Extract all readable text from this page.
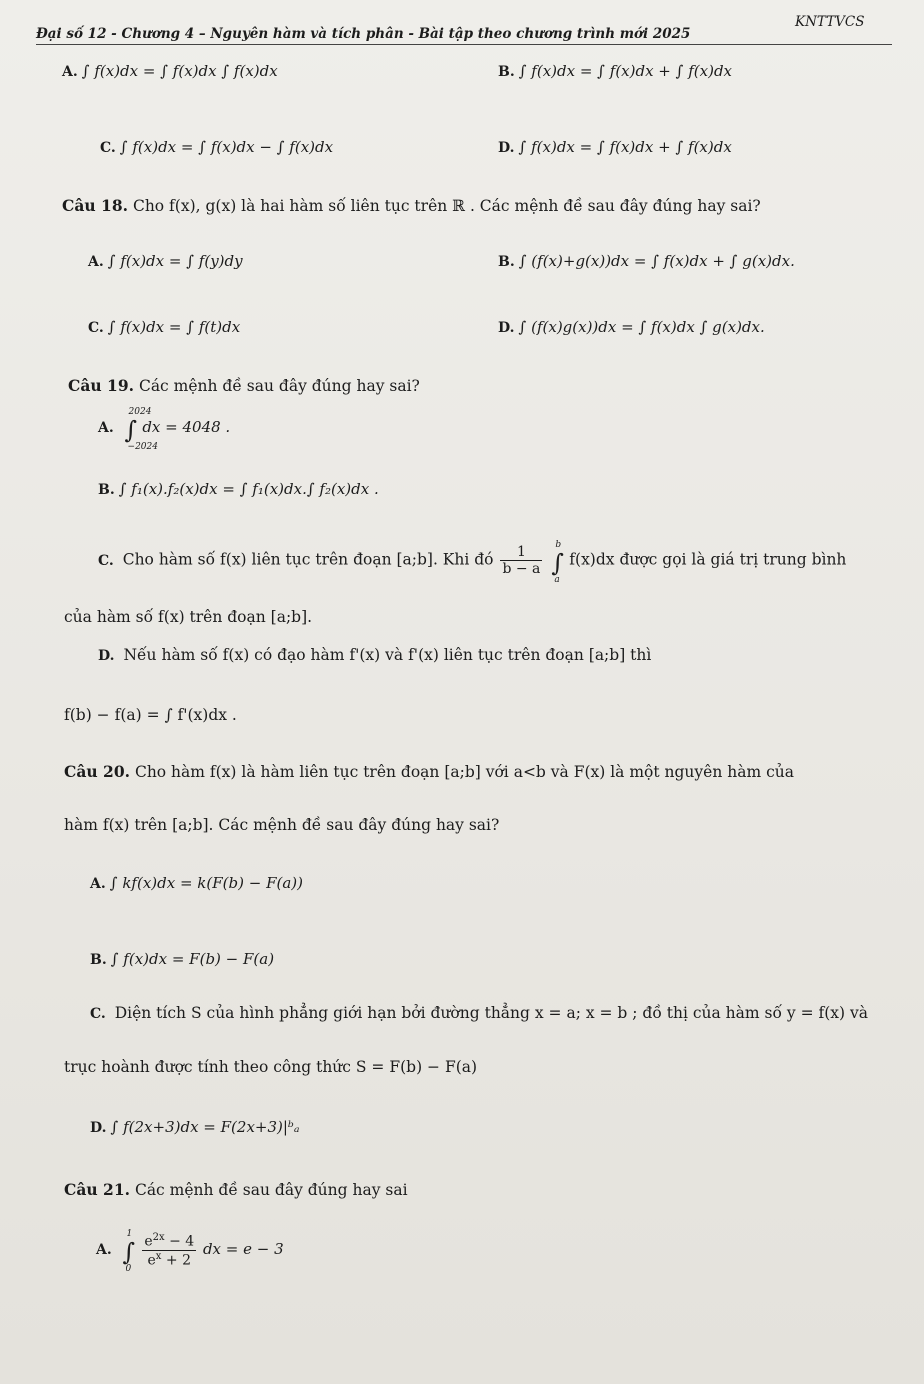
Đại số 12 - Chương 4 – Nguyên hàm và tích phân - Bài tập theo chương trình mới 2025
KNTTVCS
A. ∫ f(x)dx = ∫ f(x)dx ∫ f(x)dx	B. ∫ f(x)dx = ∫ f(x)dx + ∫ f(x)dx
C. ∫ f(x)dx = ∫ f(x)dx − ∫ f(x)dx	D. ∫ f(x)dx = ∫ f(x)dx + ∫ f(x)dx
Câu 18. Cho f(x), g(x) là hai hàm số liên tục trên ℝ . Các mệnh đề sau đây đúng hay sai?
A. ∫ f(x)dx = ∫ f(y)dy	B. ∫ (f(x)+g(x))dx = ∫ f(x)dx + ∫ g(x)dx.
C. ∫ f(x)dx = ∫ f(t)dx	D. ∫ (f(x)g(x))dx = ∫ f(x)dx ∫ g(x)dx.
Câu 19. Các mệnh đề sau đây đúng hay sai?
A. ∫
2024
−2024
dx = 4048 .
B. ∫ f₁(x).f₂(x)dx = ∫ f₁(x)dx.∫ f₂(x)dx .
C. Cho hàm số f(x) liên tục trên đoạn [a;b]. Khi đó $\frac{1}{b - a}$ ∫
b
a
f(x)dx được gọi là giá trị trung bình
của hàm số f(x) trên đoạn [a;b].
D. Nếu hàm số f(x) có đạo hàm f'(x) và f'(x) liên tục trên đoạn [a;b] thì
f(b) − f(a) = ∫ f'(x)dx .
Câu 20. Cho hàm f(x) là hàm liên tục trên đoạn [a;b] với a<b và F(x) là một nguyên hàm của
hàm f(x) trên [a;b]. Các mệnh đề sau đây đúng hay sai?
A. ∫ kf(x)dx = k(F(b) − F(a))
B. ∫ f(x)dx = F(b) − F(a)
C. Diện tích S của hình phẳng giới hạn bởi đường thẳng x = a; x = b ; đồ thị của hàm số y = f(x) và
trục hoành được tính theo công thức S = F(b) − F(a)
D. ∫ f(2x+3)dx = F(2x+3)|ᵇₐ
Câu 21. Các mệnh đề sau đây đúng hay sai
A. ∫
1
0

$\frac{e^{2x} - 4}{e^x + 2}$ dx = e − 3
